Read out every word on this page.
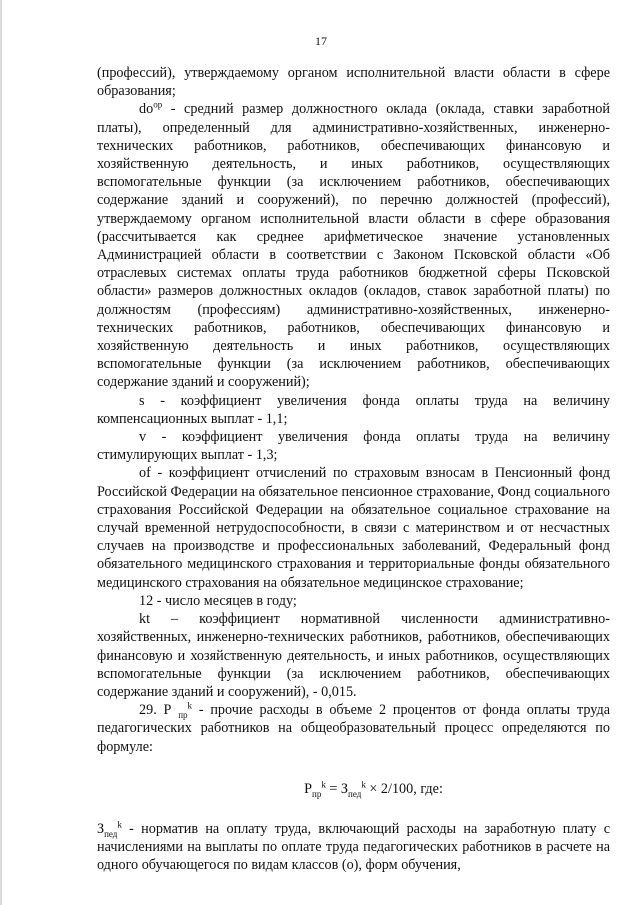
17

(профессий), утверждаемому органом исполнительной власти области в сфере образования;

$do^{op}$ - средний размер должностного оклада (оклада, ставки заработной платы), определенный для административно-хозяйственных, инженерно-технических работников, работников, обеспечивающих финансовую и хозяйственную деятельность, и иных работников, осуществляющих вспомогательные функции (за исключением работников, обеспечивающих содержание зданий и сооружений), по перечню должностей (профессий), утверждаемому органом исполнительной власти области в сфере образования (рассчитывается как среднее арифметическое значение установленных Администрацией области в соответствии с Законом Псковской области «Об отраслевых системах оплаты труда работников бюджетной сферы Псковской области» размеров должностных окладов (окладов, ставок заработной платы) по должностям (профессиям) административно-хозяйственных, инженерно-технических работников, работников, обеспечивающих финансовую и хозяйственную деятельность и иных работников, осуществляющих вспомогательные функции (за исключением работников, обеспечивающих содержание зданий и сооружений);

s - коэффициент увеличения фонда оплаты труда на величину компенсационных выплат - 1,1;

v - коэффициент увеличения фонда оплаты труда на величину стимулирующих выплат - 1,3;

of - коэффициент отчислений по страховым взносам в Пенсионный фонд Российской Федерации на обязательное пенсионное страхование, Фонд социального страхования Российской Федерации на обязательное социальное страхование на случай временной нетрудоспособности, в связи с материнством и от несчастных случаев на производстве и профессиональных заболеваний, Федеральный фонд обязательного медицинского страхования и территориальные фонды обязательного медицинского страхования на обязательное медицинское страхование;

12 - число месяцев в году;

kt – коэффициент нормативной численности административно-хозяйственных, инженерно-технических работников, работников, обеспечивающих финансовую и хозяйственную деятельность, и иных работников, осуществляющих вспомогательные функции (за исключением работников, обеспечивающих содержание зданий и сооружений), - 0,015.

29. Р $_{пр}^k$ - прочие расходы в объеме 2 процентов от фонда оплаты труда педагогических работников на общеобразовательный процесс определяются по формуле:

$Р_{пр}^k = З_{пед}^k \times 2/100$, где:

$З_{пед}^k$ - норматив на оплату труда, включающий расходы на заработную плату с начислениями на выплаты по оплате труда педагогических работников в расчете на одного обучающегося по видам классов (о), форм обучения,
